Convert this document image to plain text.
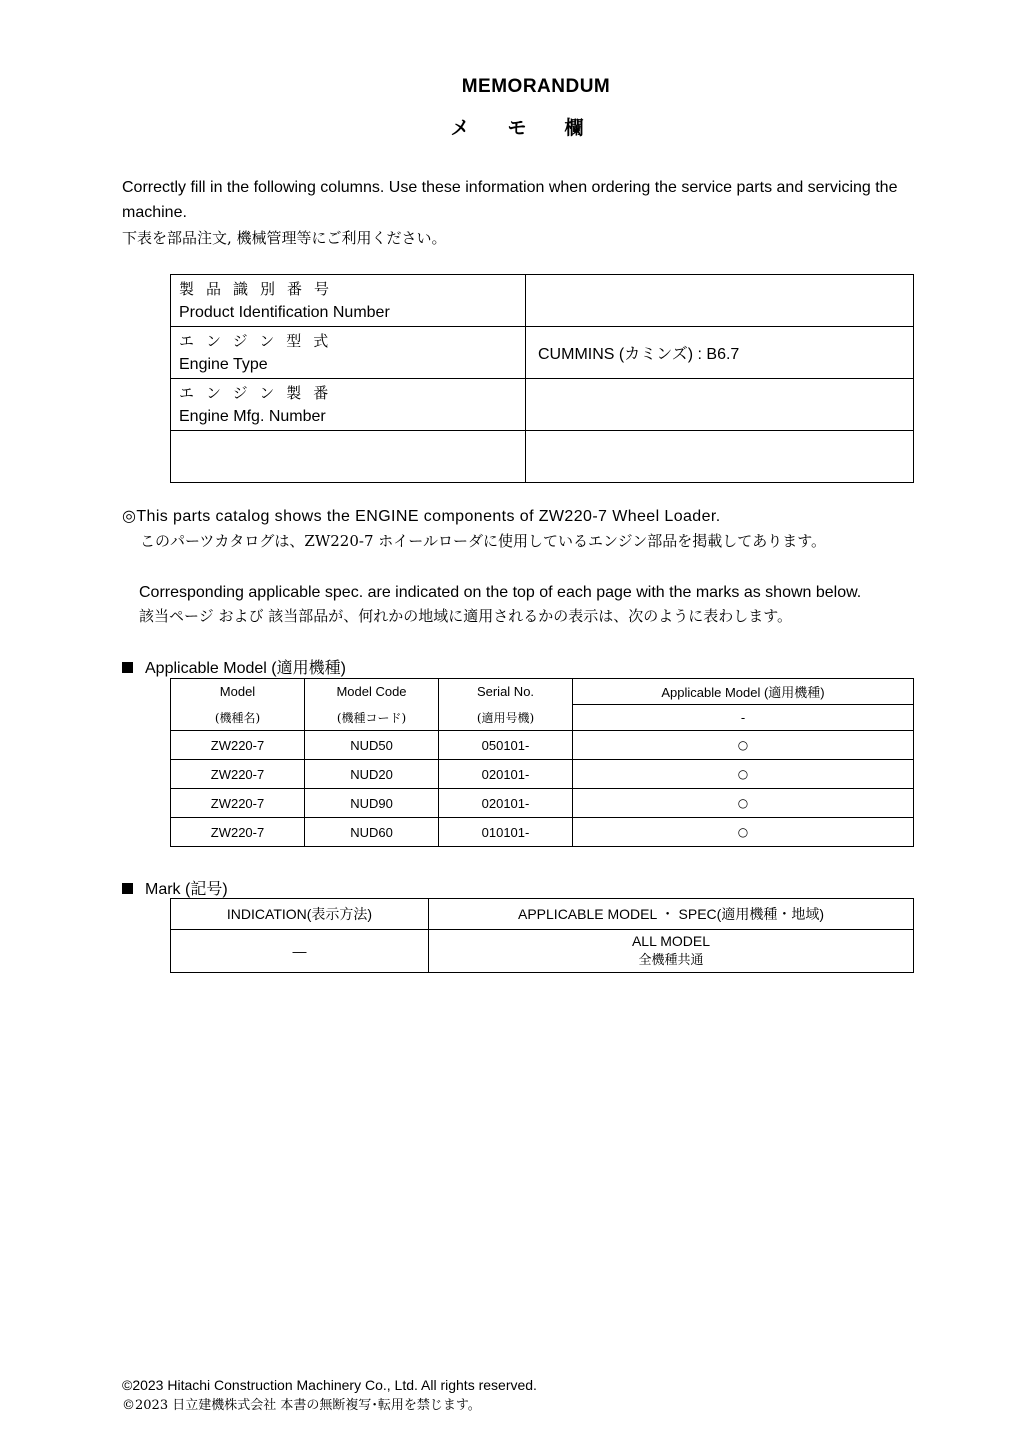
MEMORANDUM
メモ欄
Correctly fill in the following columns. Use these information when ordering the service parts and servicing the machine.
下表を部品注文, 機械管理等にご利用ください。
製品識別番号
Product Identification Number	

エンジン型式
Engine Type	CUMMINS (カミンズ) : B6.7

エンジン製番
Engine Mfg. Number	

◎This parts catalog shows the ENGINE components of ZW220-7 Wheel Loader.
このパーツカタログは、ZW220-7 ホイールローダに使用しているエンジン部品を掲載してあります。
Corresponding applicable spec. are indicated on the top of each page with the marks as shown below.
該当ページ および 該当部品が、何れかの地域に適用されるかの表示は、次のように表わします。
Applicable Model (適用機種)
Model	Model Code	Serial No.	Applicable Model (適用機種)
(機種名)	(機種コード)	(適用号機)	-
ZW220-7	NUD50	050101-	○
ZW220-7	NUD20	020101-	○
ZW220-7	NUD90	020101-	○
ZW220-7	NUD60	010101-	○
Mark (記号)
INDICATION(表示方法)	APPLICABLE MODEL ・ SPEC(適用機種・地域)
—	ALL MODEL
全機種共通
©2023 Hitachi Construction Machinery Co., Ltd. All rights reserved.
©2023 日立建機株式会社 本書の無断複写･転用を禁じます。
